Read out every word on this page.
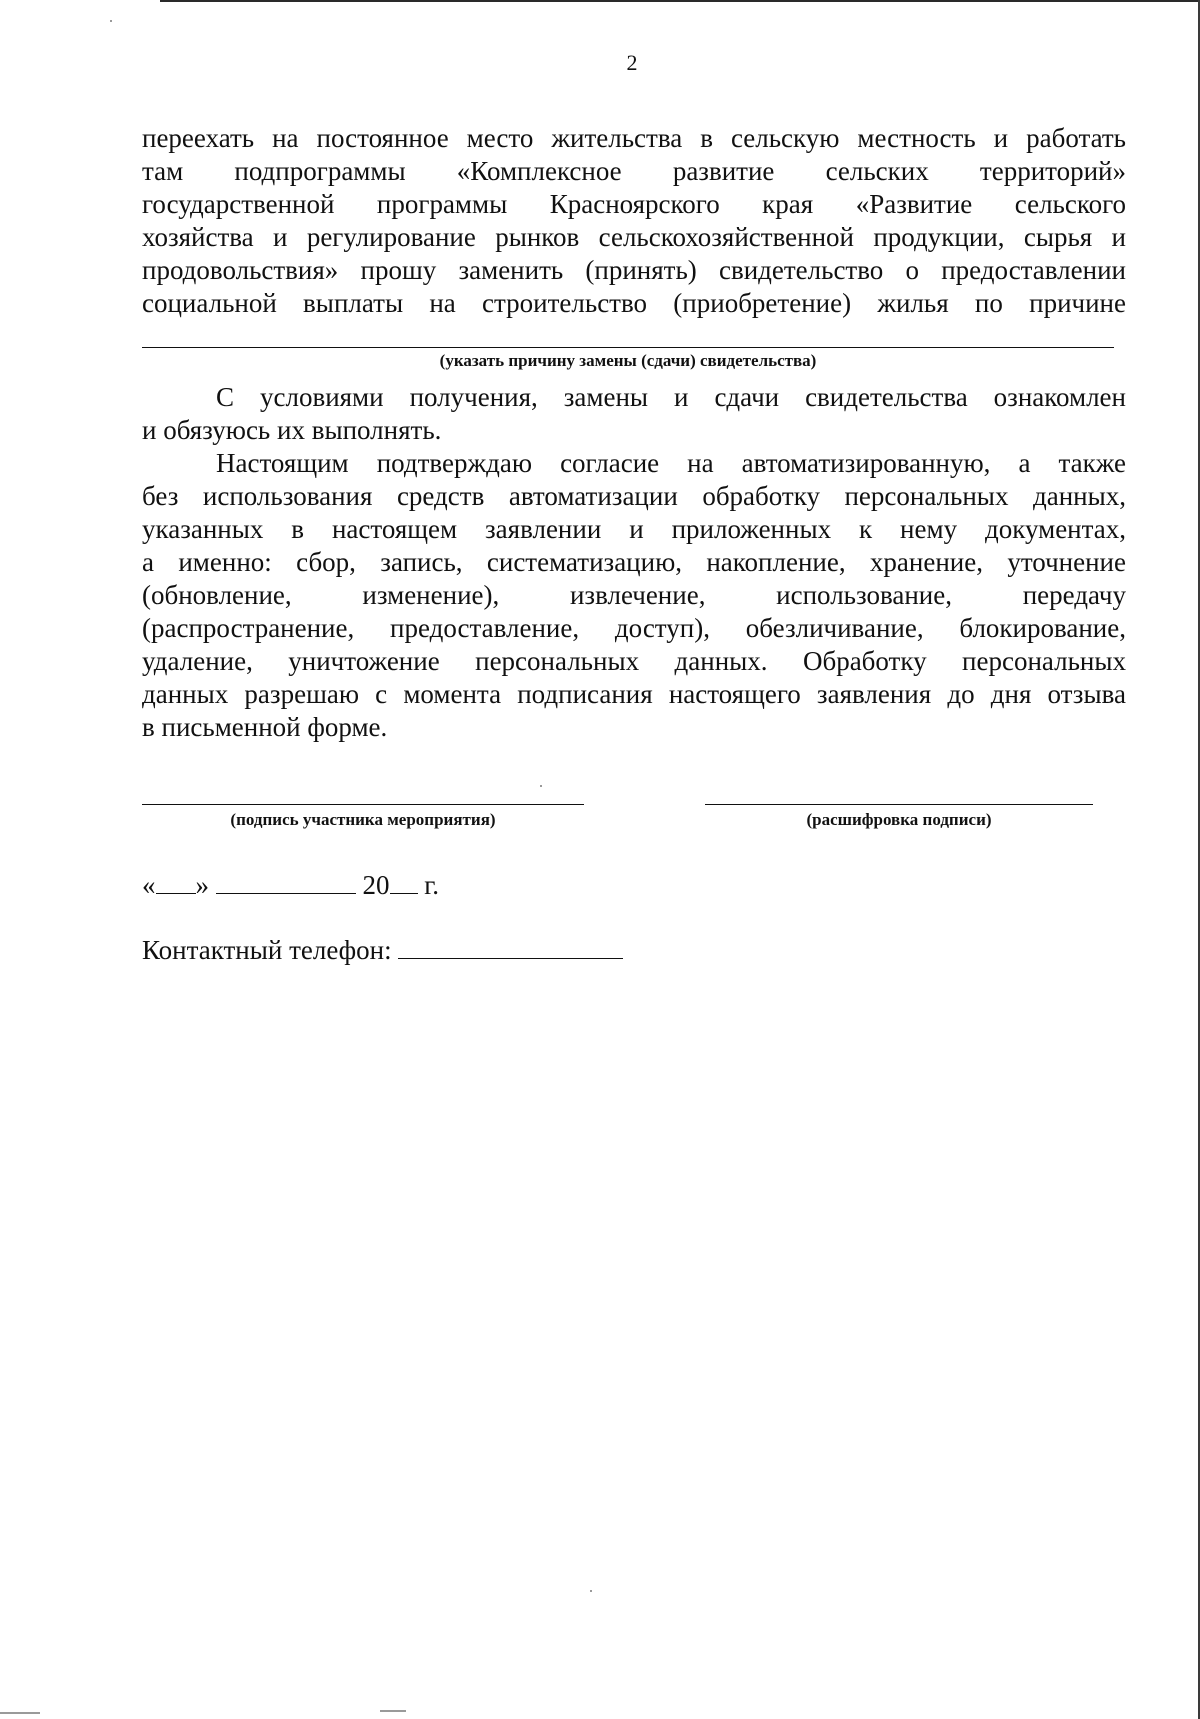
2
переехать на постоянное место жительства в сельскую местность и работать
там подпрограммы «Комплексное развитие сельских территорий»
государственной программы Красноярского края «Развитие сельского
хозяйства и регулирование рынков сельскохозяйственной продукции, сырья и
продовольствия» прошу заменить (принять) свидетельство о предоставлении
социальной выплаты на строительство (приобретение) жилья по причине
(указать причину замены (сдачи) свидетельства)
С условиями получения, замены и сдачи свидетельства ознакомлен
и обязуюсь их выполнять.
Настоящим подтверждаю согласие на автоматизированную, а также
без использования средств автоматизации обработку персональных данных,
указанных в настоящем заявлении и приложенных к нему документах,
а именно: сбор, запись, систематизацию, накопление, хранение, уточнение
(обновление, изменение), извлечение, использование, передачу
(распространение, предоставление, доступ), обезличивание, блокирование,
удаление, уничтожение персональных данных. Обработку персональных
данных разрешаю с момента подписания настоящего заявления до дня отзыва
в письменной форме.
(подпись участника мероприятия)	(расшифровка подписи)
« »	20 г.
Контактный телефон:
